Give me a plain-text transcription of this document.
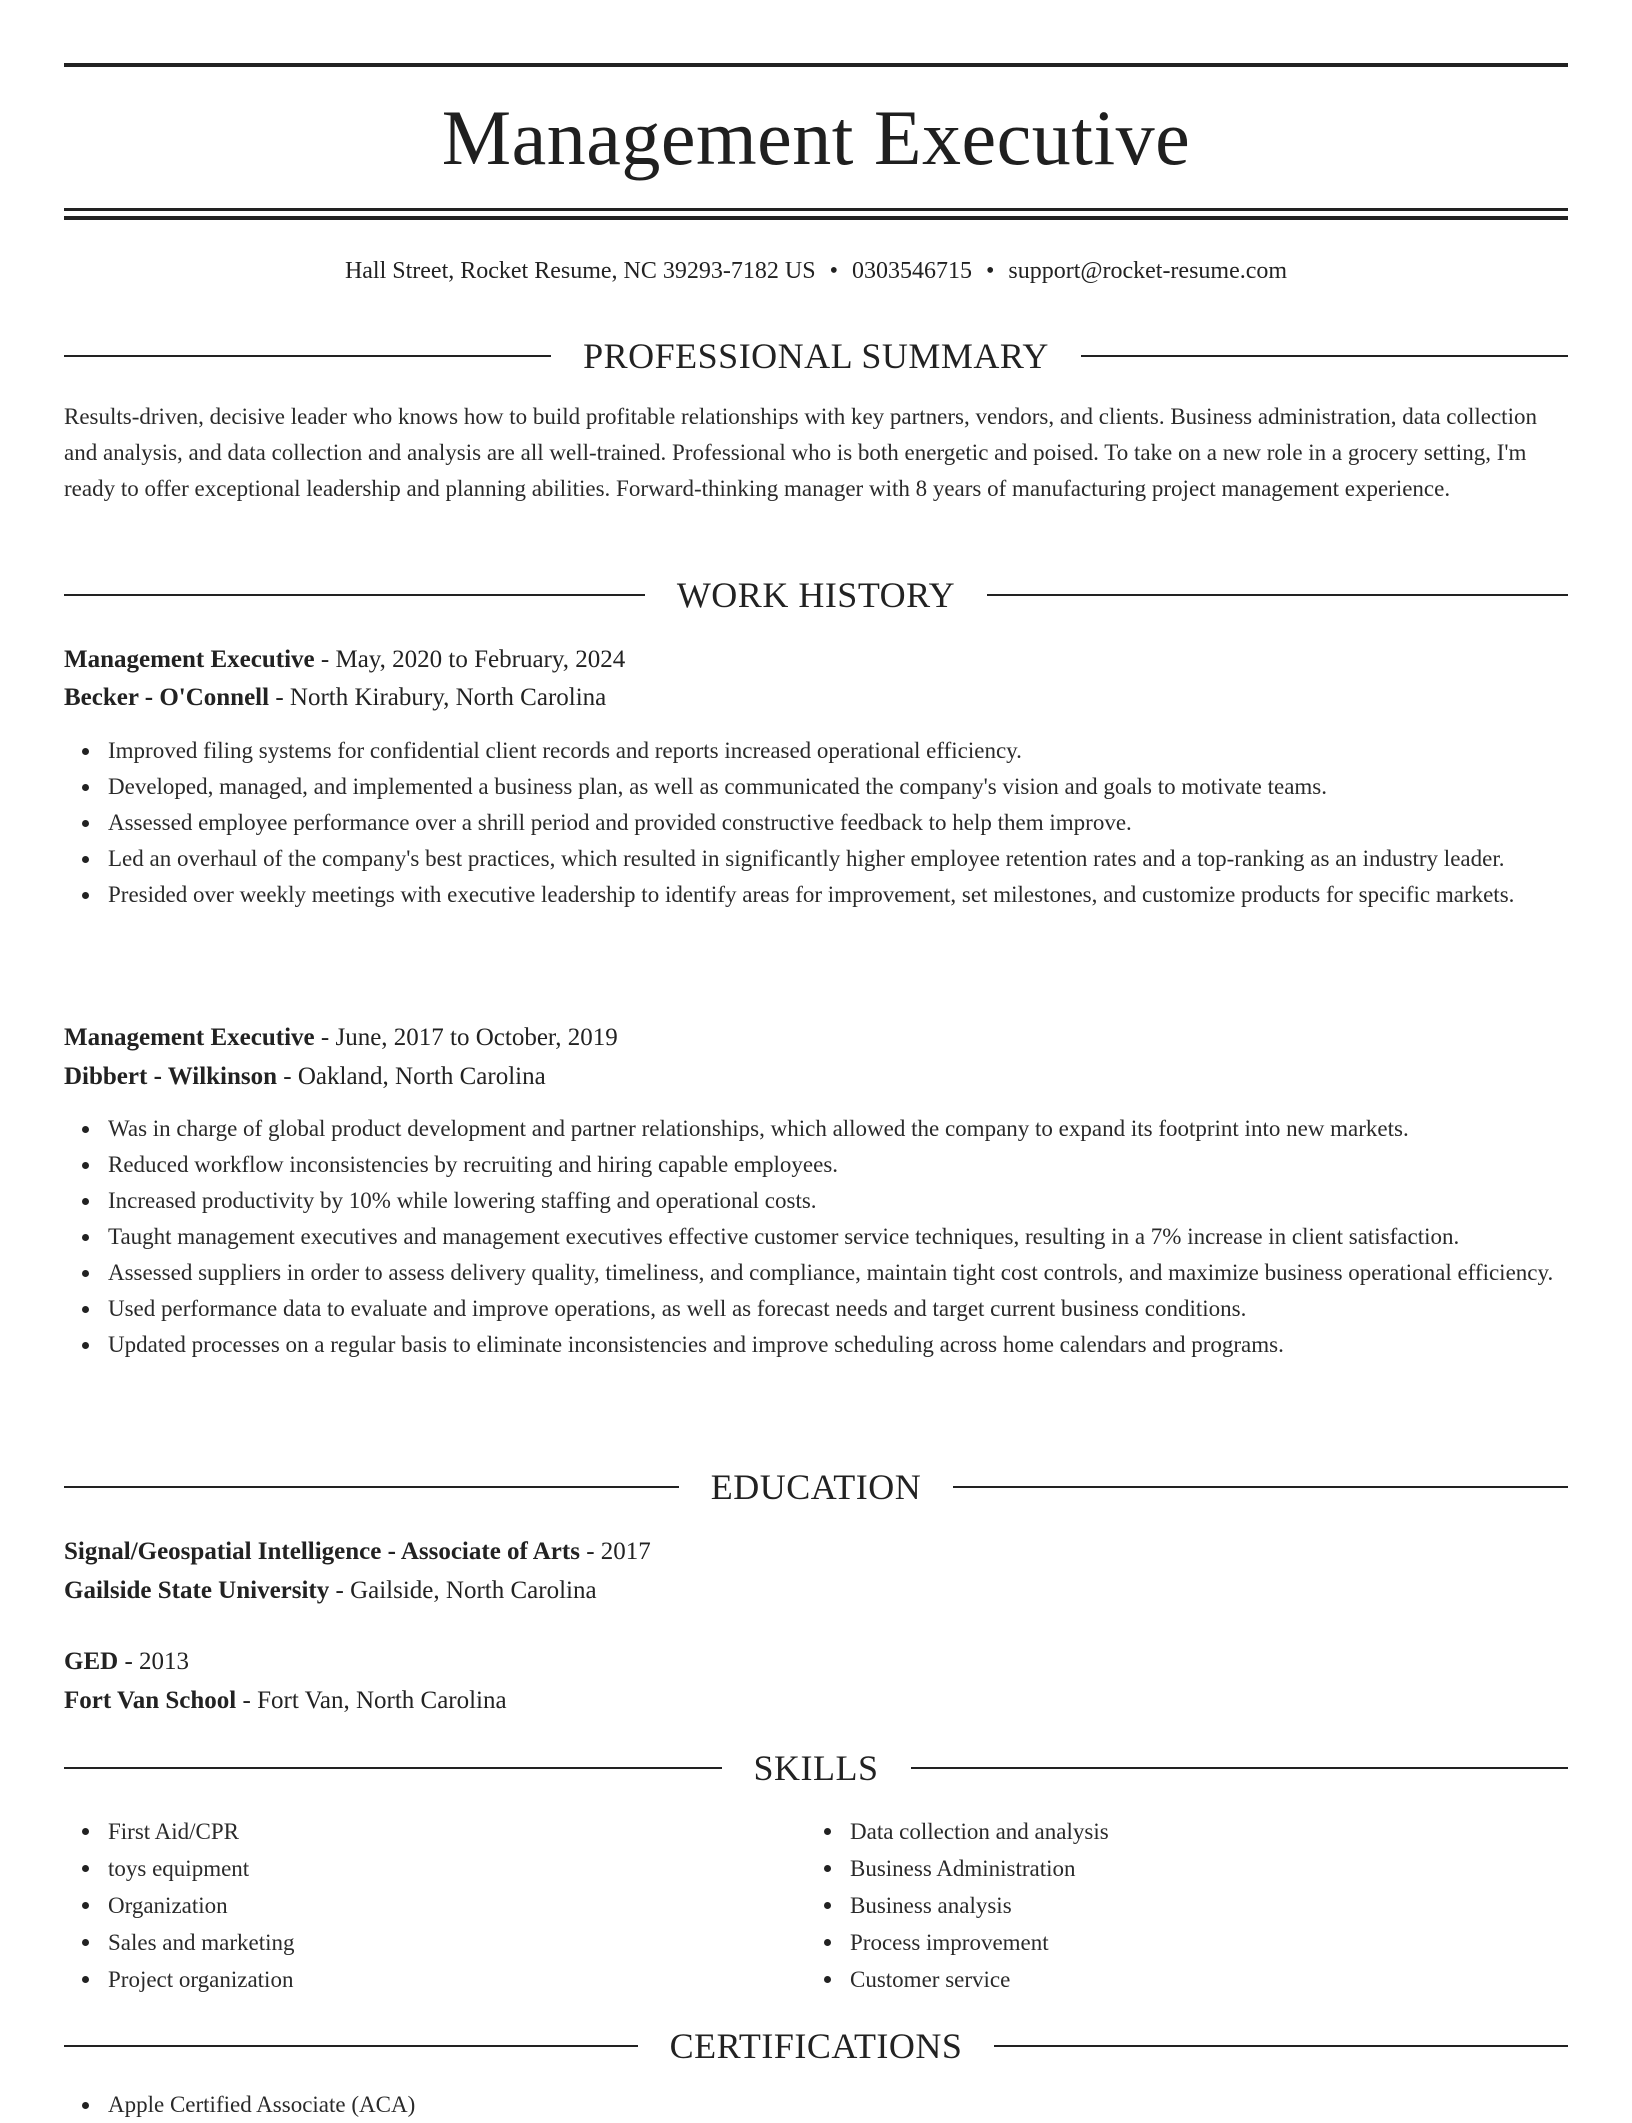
Management Executive
Hall Street, Rocket Resume, NC 39293-7182 US • 0303546715 • support@rocket-resume.com
PROFESSIONAL SUMMARY
Results-driven, decisive leader who knows how to build profitable relationships with key partners, vendors, and clients. Business administration, data collection and analysis, and data collection and analysis are all well-trained. Professional who is both energetic and poised. To take on a new role in a grocery setting, I'm ready to offer exceptional leadership and planning abilities. Forward-thinking manager with 8 years of manufacturing project management experience.
WORK HISTORY
Management Executive - May, 2020 to February, 2024
Becker - O'Connell - North Kirabury, North Carolina
Improved filing systems for confidential client records and reports increased operational efficiency.
Developed, managed, and implemented a business plan, as well as communicated the company's vision and goals to motivate teams.
Assessed employee performance over a shrill period and provided constructive feedback to help them improve.
Led an overhaul of the company's best practices, which resulted in significantly higher employee retention rates and a top-ranking as an industry leader.
Presided over weekly meetings with executive leadership to identify areas for improvement, set milestones, and customize products for specific markets.
Management Executive - June, 2017 to October, 2019
Dibbert - Wilkinson - Oakland, North Carolina
Was in charge of global product development and partner relationships, which allowed the company to expand its footprint into new markets.
Reduced workflow inconsistencies by recruiting and hiring capable employees.
Increased productivity by 10% while lowering staffing and operational costs.
Taught management executives and management executives effective customer service techniques, resulting in a 7% increase in client satisfaction.
Assessed suppliers in order to assess delivery quality, timeliness, and compliance, maintain tight cost controls, and maximize business operational efficiency.
Used performance data to evaluate and improve operations, as well as forecast needs and target current business conditions.
Updated processes on a regular basis to eliminate inconsistencies and improve scheduling across home calendars and programs.
EDUCATION
Signal/Geospatial Intelligence - Associate of Arts - 2017
Gailside State University - Gailside, North Carolina
GED - 2013
Fort Van School - Fort Van, North Carolina
SKILLS
First Aid/CPR
toys equipment
Organization
Sales and marketing
Project organization
Data collection and analysis
Business Administration
Business analysis
Process improvement
Customer service
CERTIFICATIONS
Apple Certified Associate (ACA)
